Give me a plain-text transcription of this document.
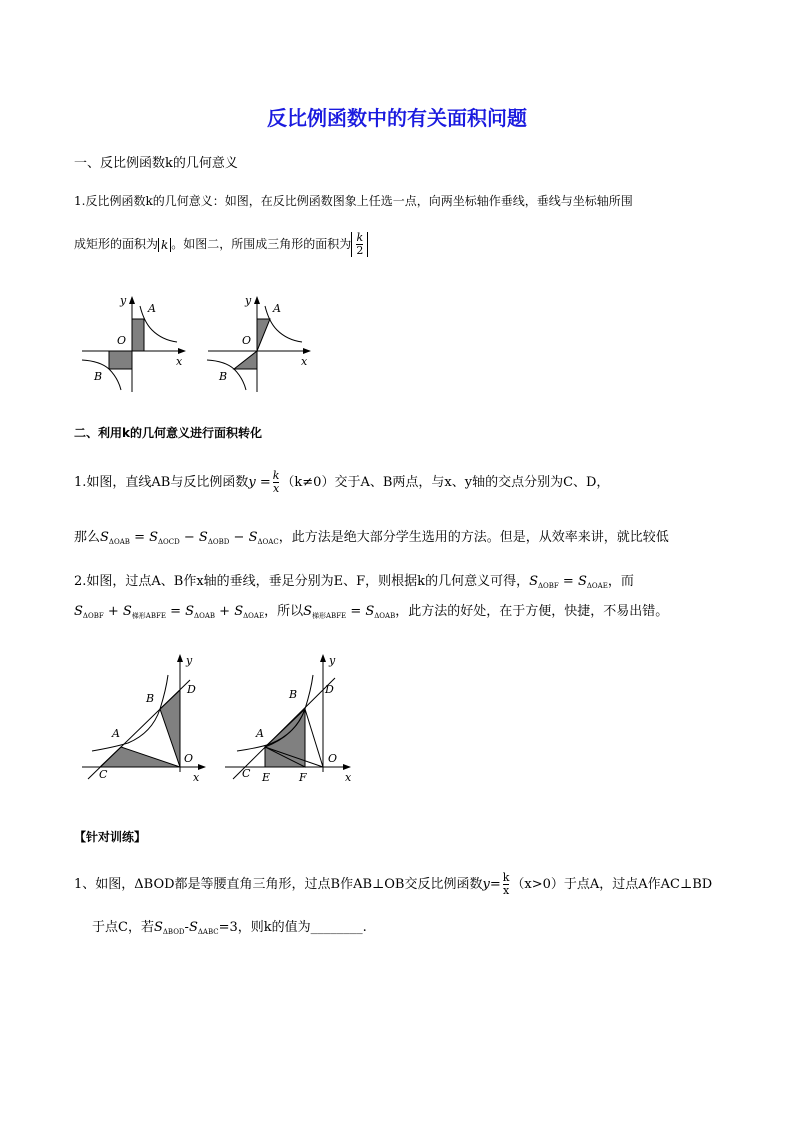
反比例函数中的有关面积问题
一、反比例函数k的几何意义
1.反比例函数k的几何意义：如图，在反比例函数图象上任选一点，向两坐标轴作垂线，垂线与坐标轴所围
成矩形的面积为 k 。如图二，所围成三角形的面积为 $\frac{k}{2}$
y
A
O
x
B
y
A
O
x
B
y
D
B
A
O
C	x
y
D
B
A
O
C E	F	x
二、利用k的几何意义进行面积转化
1.如图，直线AB与反比例函数$y = \frac{k}{x} (k\ne 0)$交于A、B两点，与x、y轴的交点分别为C、D，
那么$S_{\Delta OAB} = S_{\Delta OCD} - S_{\Delta OBD} - S_{\Delta OAC}$，此方法是绝大部分学生选用的方法。但是，从效率来讲，就比较低
2.如图，过点A、B作x轴的垂线，垂足分别为E、F，则根据k的几何意义可得，$S_{\Delta OBF} = S_{\Delta OAE}$，而
$S_{\Delta OBF} + S_{梯形ABFE} = S_{\Delta OAB} + S_{\Delta OAE}$，所以$S_{梯形ABFE} = S_{\Delta OAB}$，此方法的好处，在于方便，快捷，不易出错。
【针对训练】
1、如图，ΔBOD都是等腰直角三角形，过点B作AB⊥OB交反比例函数$y= \frac{k}{x} (x>0)$于点A，过点A作AC⊥BD
于点C，若$S_{\Delta BOD}-S_{\Delta ABC}=3$，则k的值为________.
